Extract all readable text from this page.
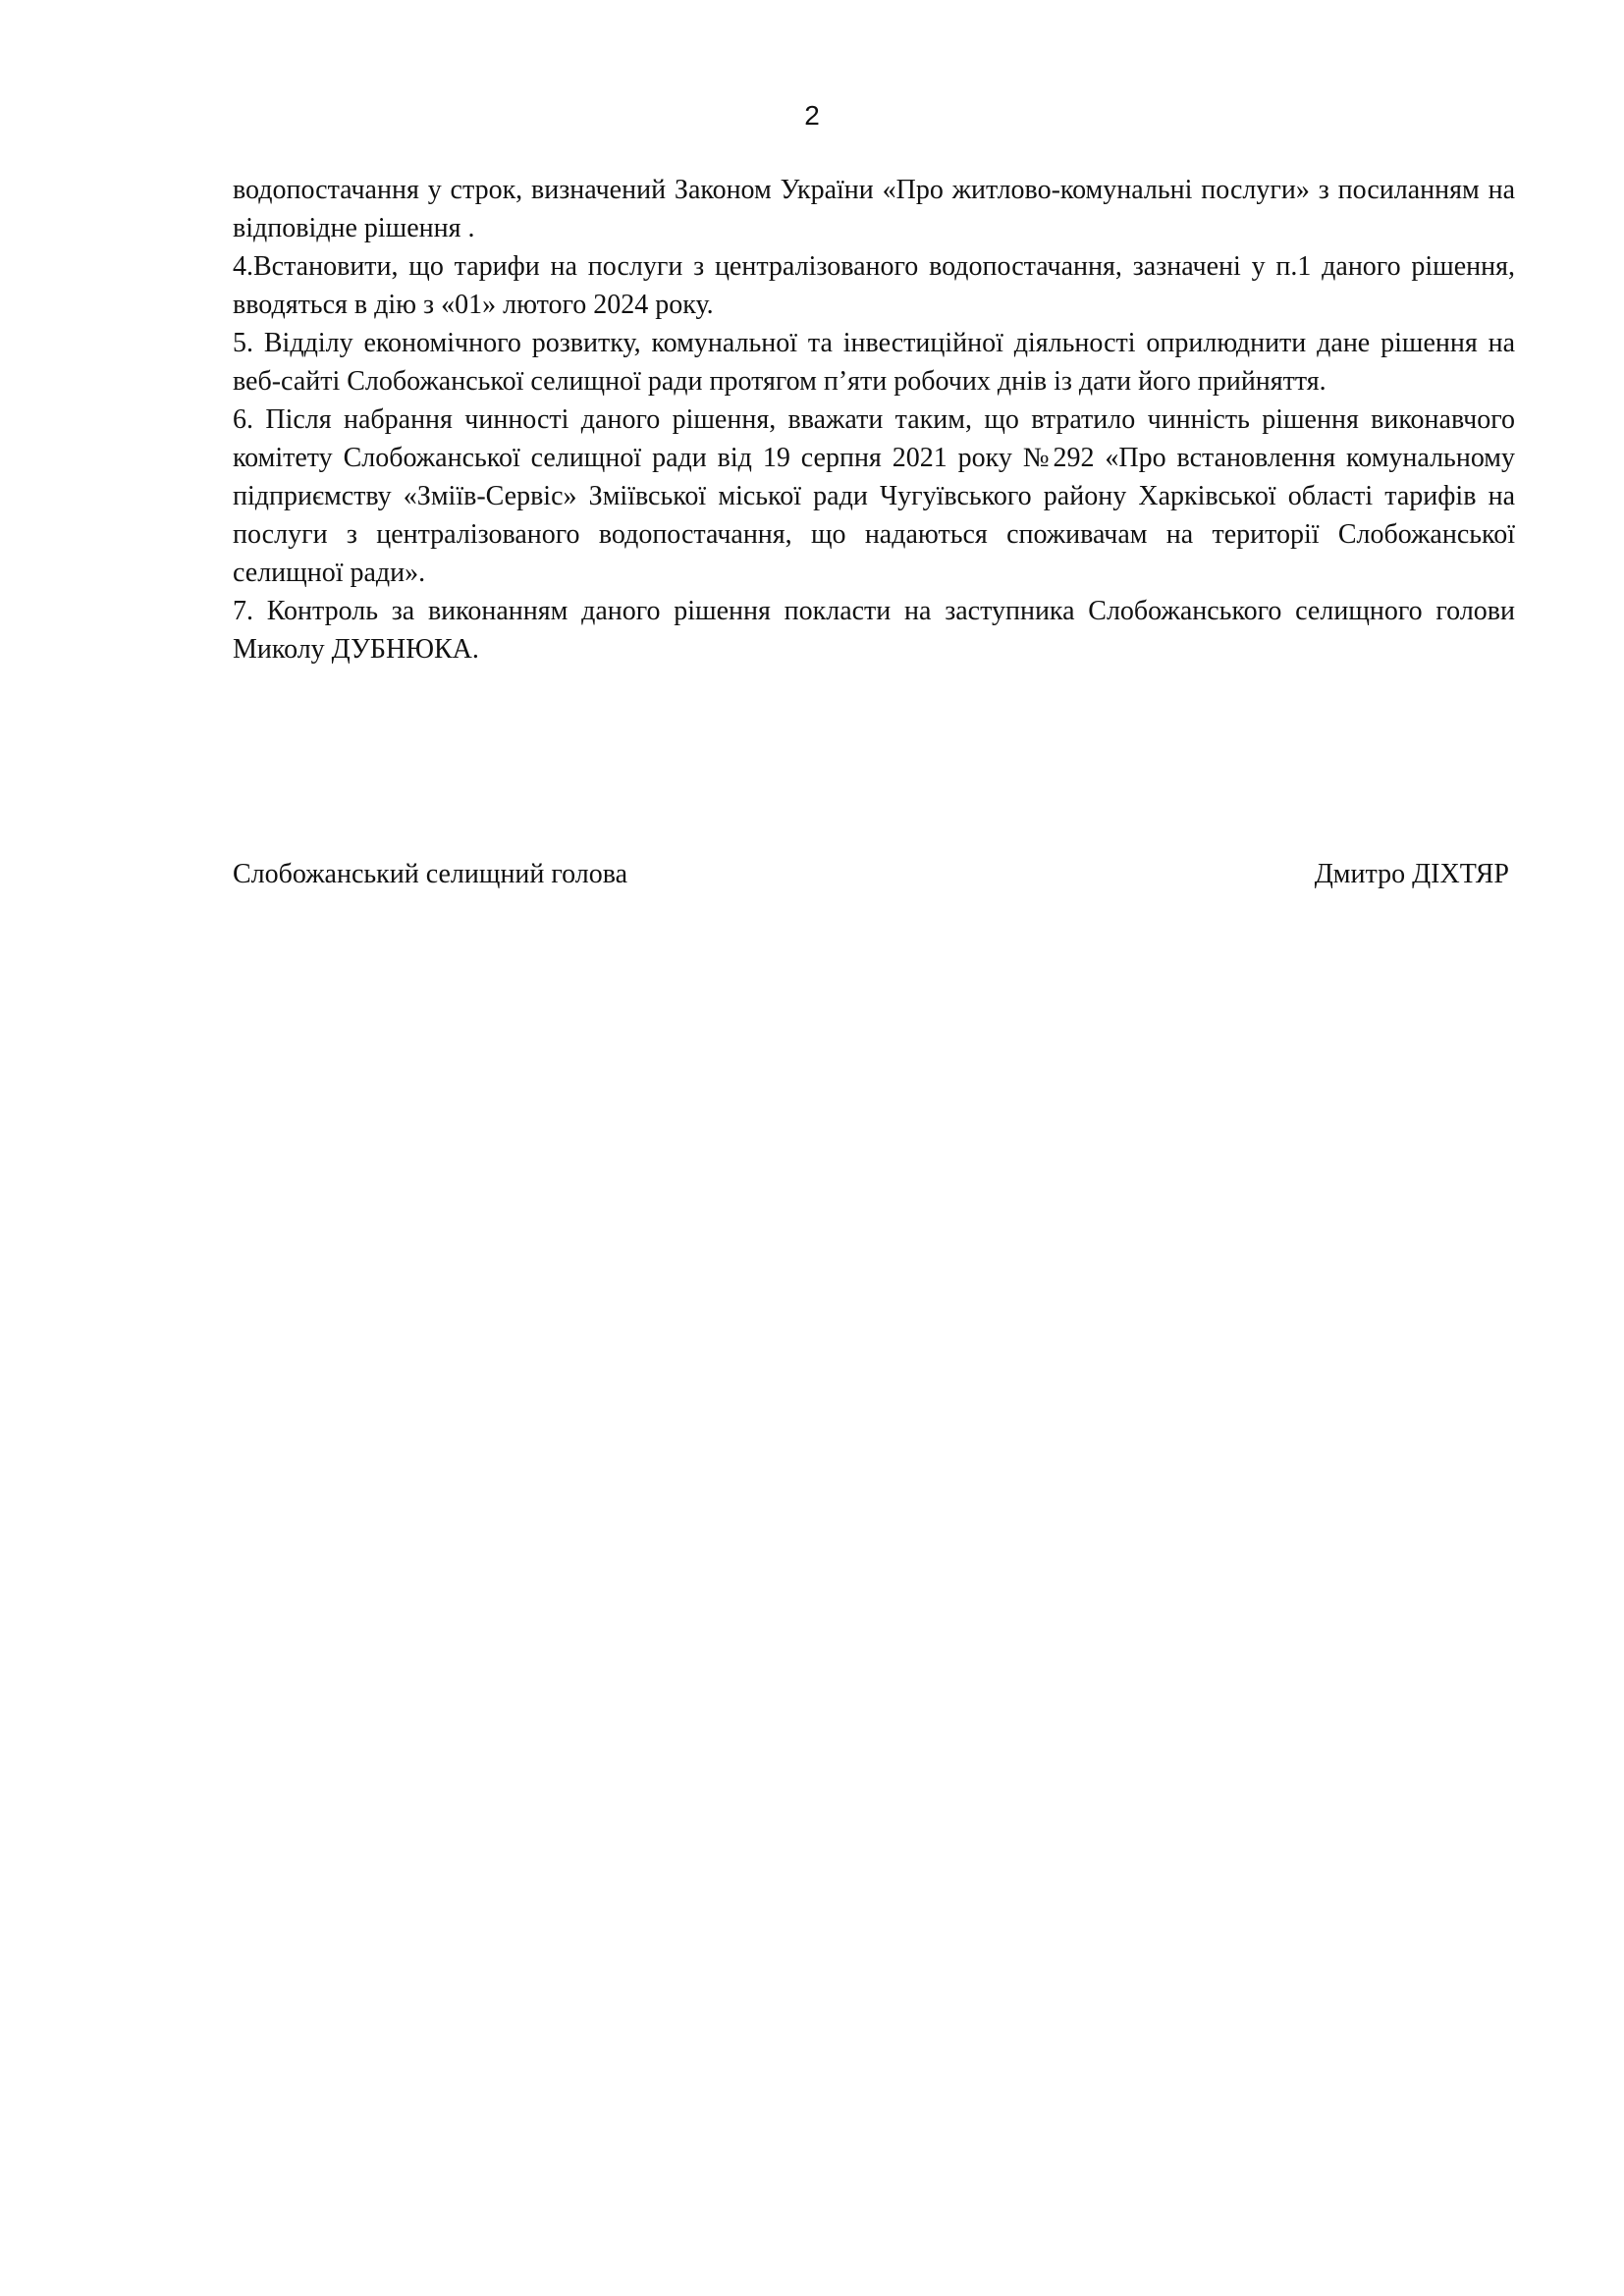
2

водопостачання у строк, визначений Законом України «Про житлово-комунальні послуги» з посиланням на відповідне рішення .

4.Встановити, що тарифи на послуги з централізованого водопостачання, зазначені у п.1 даного рішення, вводяться в дію з «01» лютого 2024 року.

5. Відділу економічного розвитку, комунальної та інвестиційної діяльності оприлюднити дане рішення на веб-сайті Слобожанської селищної ради протягом п’яти робочих днів із дати його прийняття.

6. Після набрання чинності даного рішення, вважати таким, що втратило чинність рішення виконавчого комітету Слобожанської селищної ради від 19 серпня 2021 року №292 «Про встановлення комунальному підприємству «Зміїв-Сервіс» Зміївської міської ради Чугуївського району Харківської області тарифів на послуги з централізованого водопостачання, що надаються споживачам на території Слобожанської селищної ради».

7. Контроль за виконанням даного рішення покласти на заступника Слобожанського селищного голови Миколу ДУБНЮКА.

Слобожанський селищний голова	Дмитро ДІХТЯР
